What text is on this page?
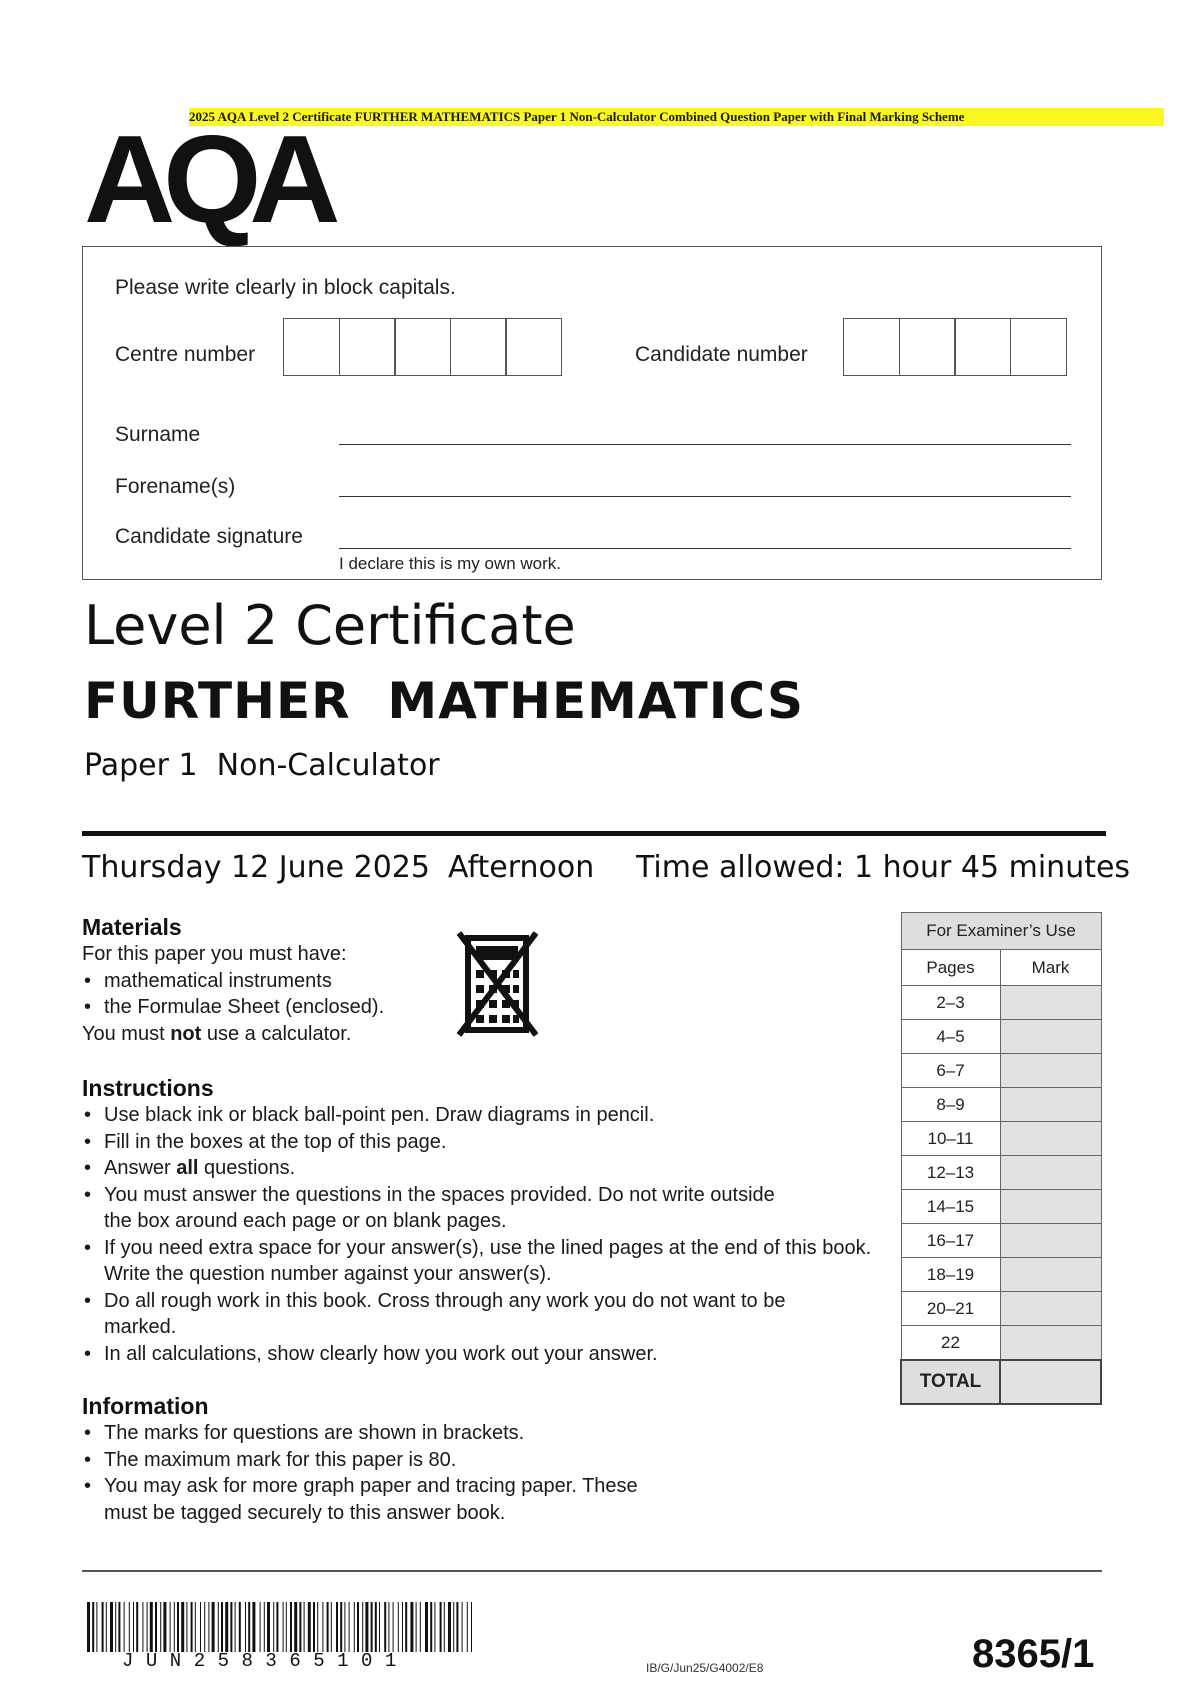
2025 AQA Level 2 Certificate FURTHER MATHEMATICS Paper 1 Non-Calculator Combined Question Paper with Final Marking Scheme
AQA
Please write clearly in block capitals.
Centre number	Candidate number
Surname
Forename(s)
Candidate signature
I declare this is my own work.
Level 2 Certificate
FURTHER  MATHEMATICS
Paper 1  Non-Calculator
Thursday 12 June 2025 Afternoon Time allowed: 1 hour 45 minutes
Materials
For this paper you must have:
• mathematical instruments
• the Formulae Sheet (enclosed).
You must not use a calculator.
Instructions
• Use black ink or black ball-point pen. Draw diagrams in pencil.
• Fill in the boxes at the top of this page.
• Answer all questions.
• You must answer the questions in the spaces provided. Do not write outside the box around each page or on blank pages.
• If you need extra space for your answer(s), use the lined pages at the end of this book. Write the question number against your answer(s).
• Do all rough work in this book. Cross through any work you do not want to be marked.
• In all calculations, show clearly how you work out your answer.
Information
• The marks for questions are shown in brackets.
• The maximum mark for this paper is 80.
• You may ask for more graph paper and tracing paper. These must be tagged securely to this answer book.
For Examiner’s Use	
Pages	Mark
2–3	
4–5	
6–7	
8–9	
10–11	
12–13	
14–15	
16–17	
18–19	
20–21	
22	
TOTAL	
JUN258365101	IB/G/Jun25/G4002/E8	8365/1
